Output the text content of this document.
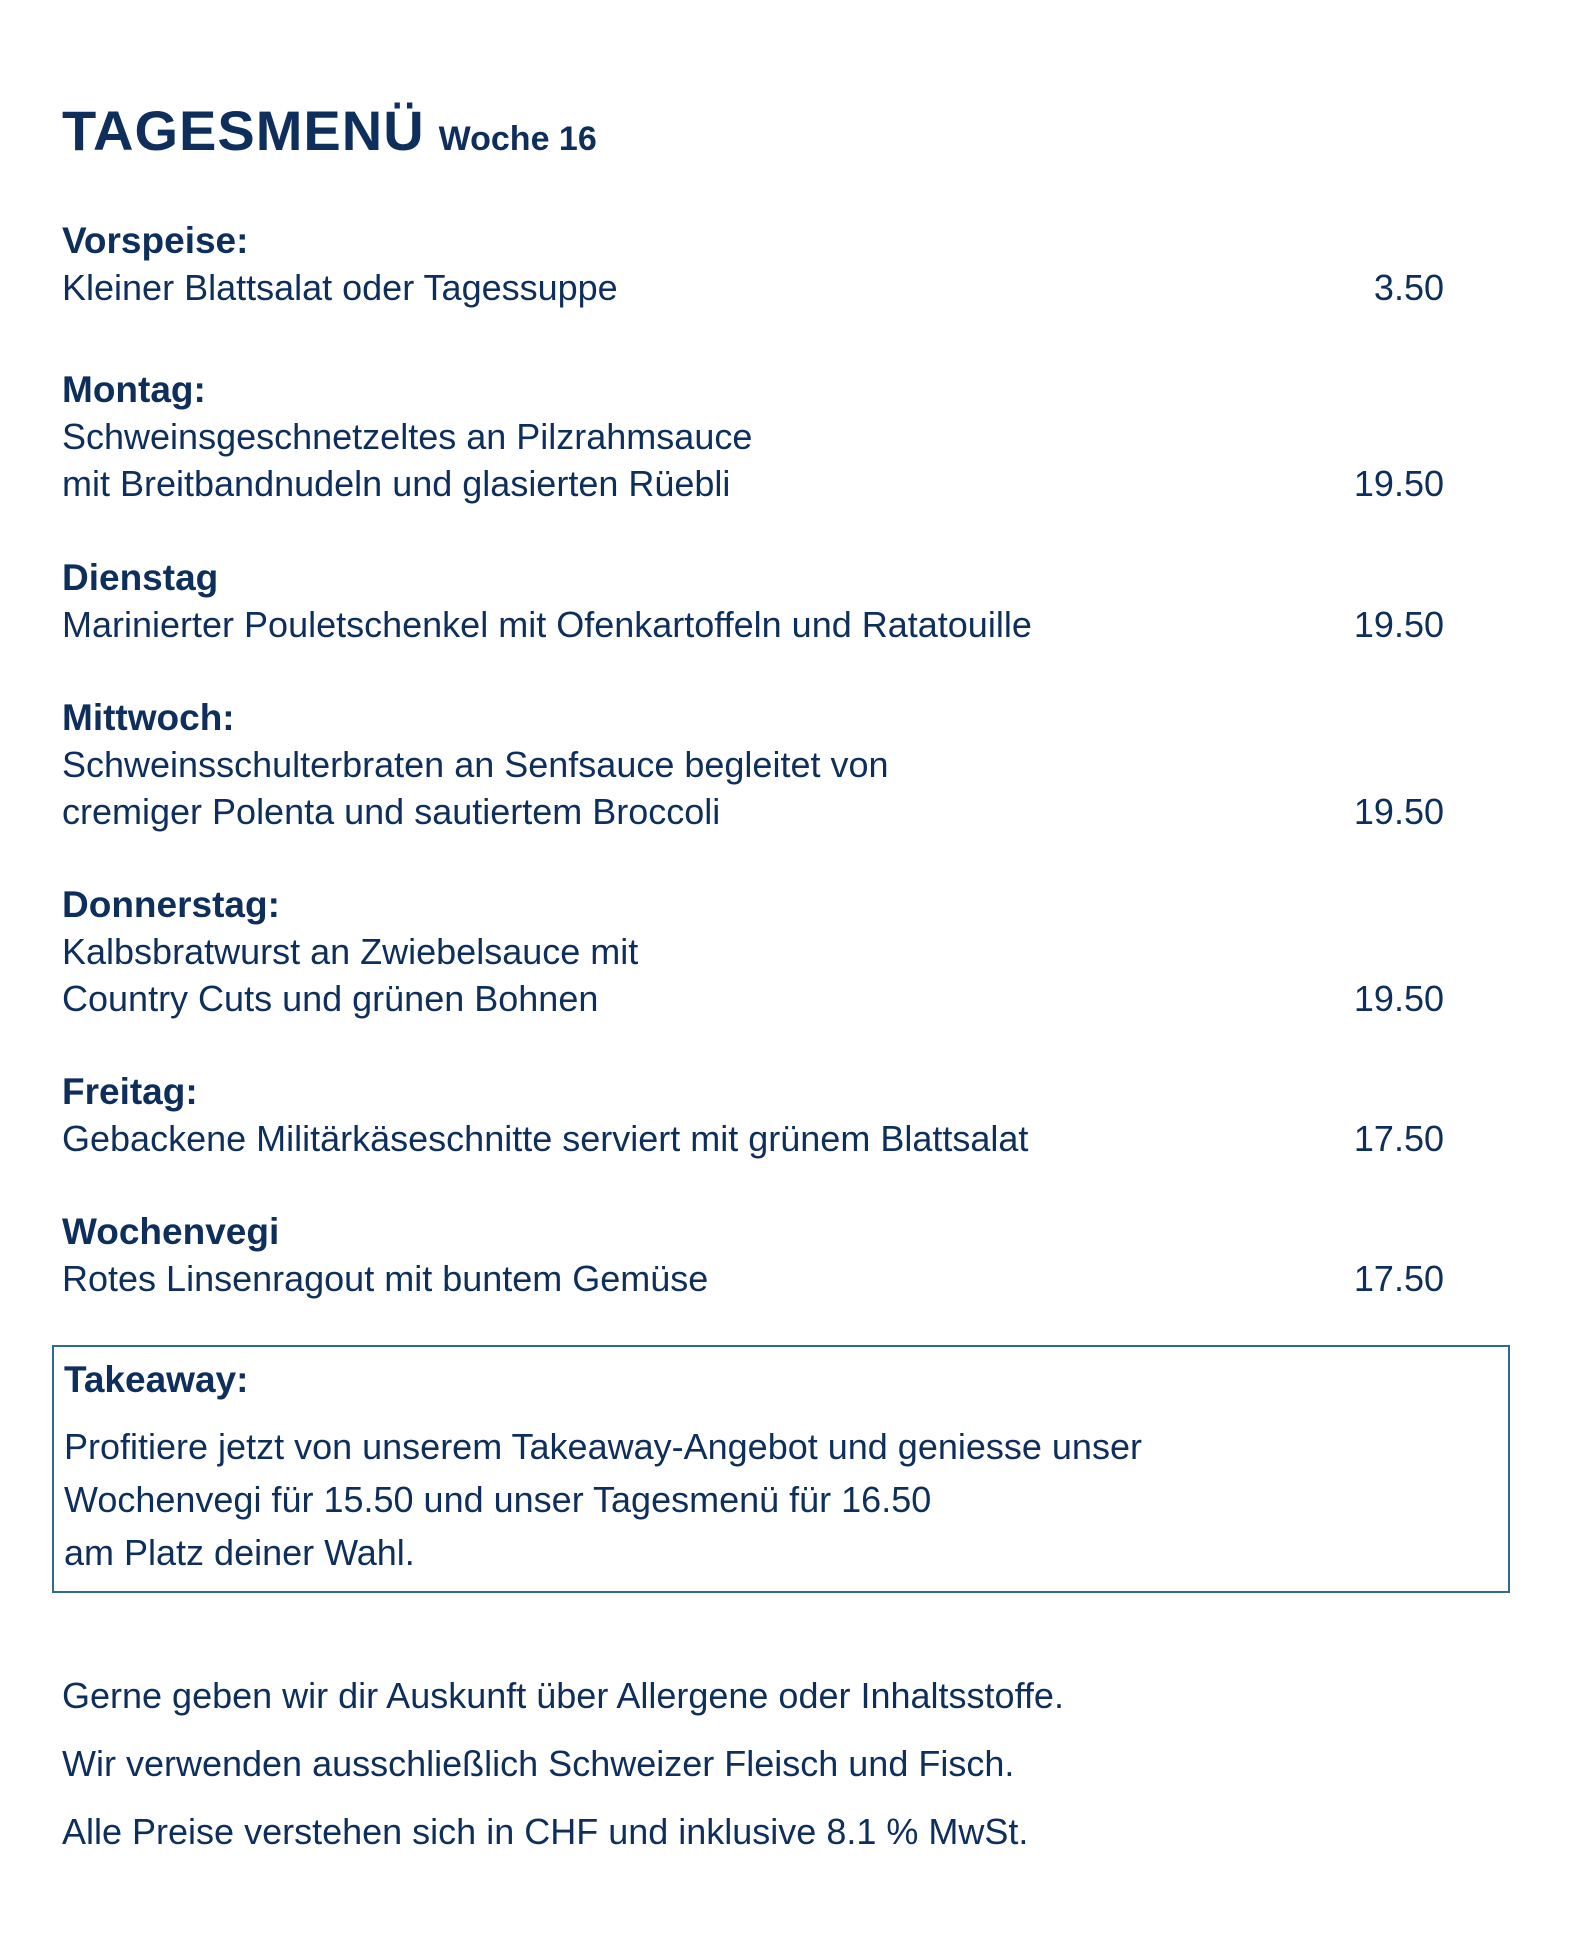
TAGESMENÜ Woche 16
Vorspeise:
Kleiner Blattsalat oder Tagessuppe	3.50
Montag:
Schweinsgeschnetzeltes an Pilzrahmsauce
mit Breitbandnudeln und glasierten Rüebli	19.50
Dienstag
Marinierter Pouletschenkel mit Ofenkartoffeln und Ratatouille	19.50
Mittwoch:
Schweinsschulterbraten an Senfsauce begleitet von
cremiger Polenta und sautiertem Broccoli	19.50
Donnerstag:
Kalbsbratwurst an Zwiebelsauce mit
Country Cuts und grünen Bohnen	19.50
Freitag:
Gebackene Militärkäseschnitte serviert mit grünem Blattsalat	17.50
Wochenvegi
Rotes Linsenragout mit buntem Gemüse	17.50
Takeaway:
Profitiere jetzt von unserem Takeaway-Angebot und geniesse unser
Wochenvegi für 15.50 und unser Tagesmenü für 16.50
am Platz deiner Wahl.
Gerne geben wir dir Auskunft über Allergene oder Inhaltsstoffe.
Wir verwenden ausschließlich Schweizer Fleisch und Fisch.
Alle Preise verstehen sich in CHF und inklusive 8.1 % MwSt.
